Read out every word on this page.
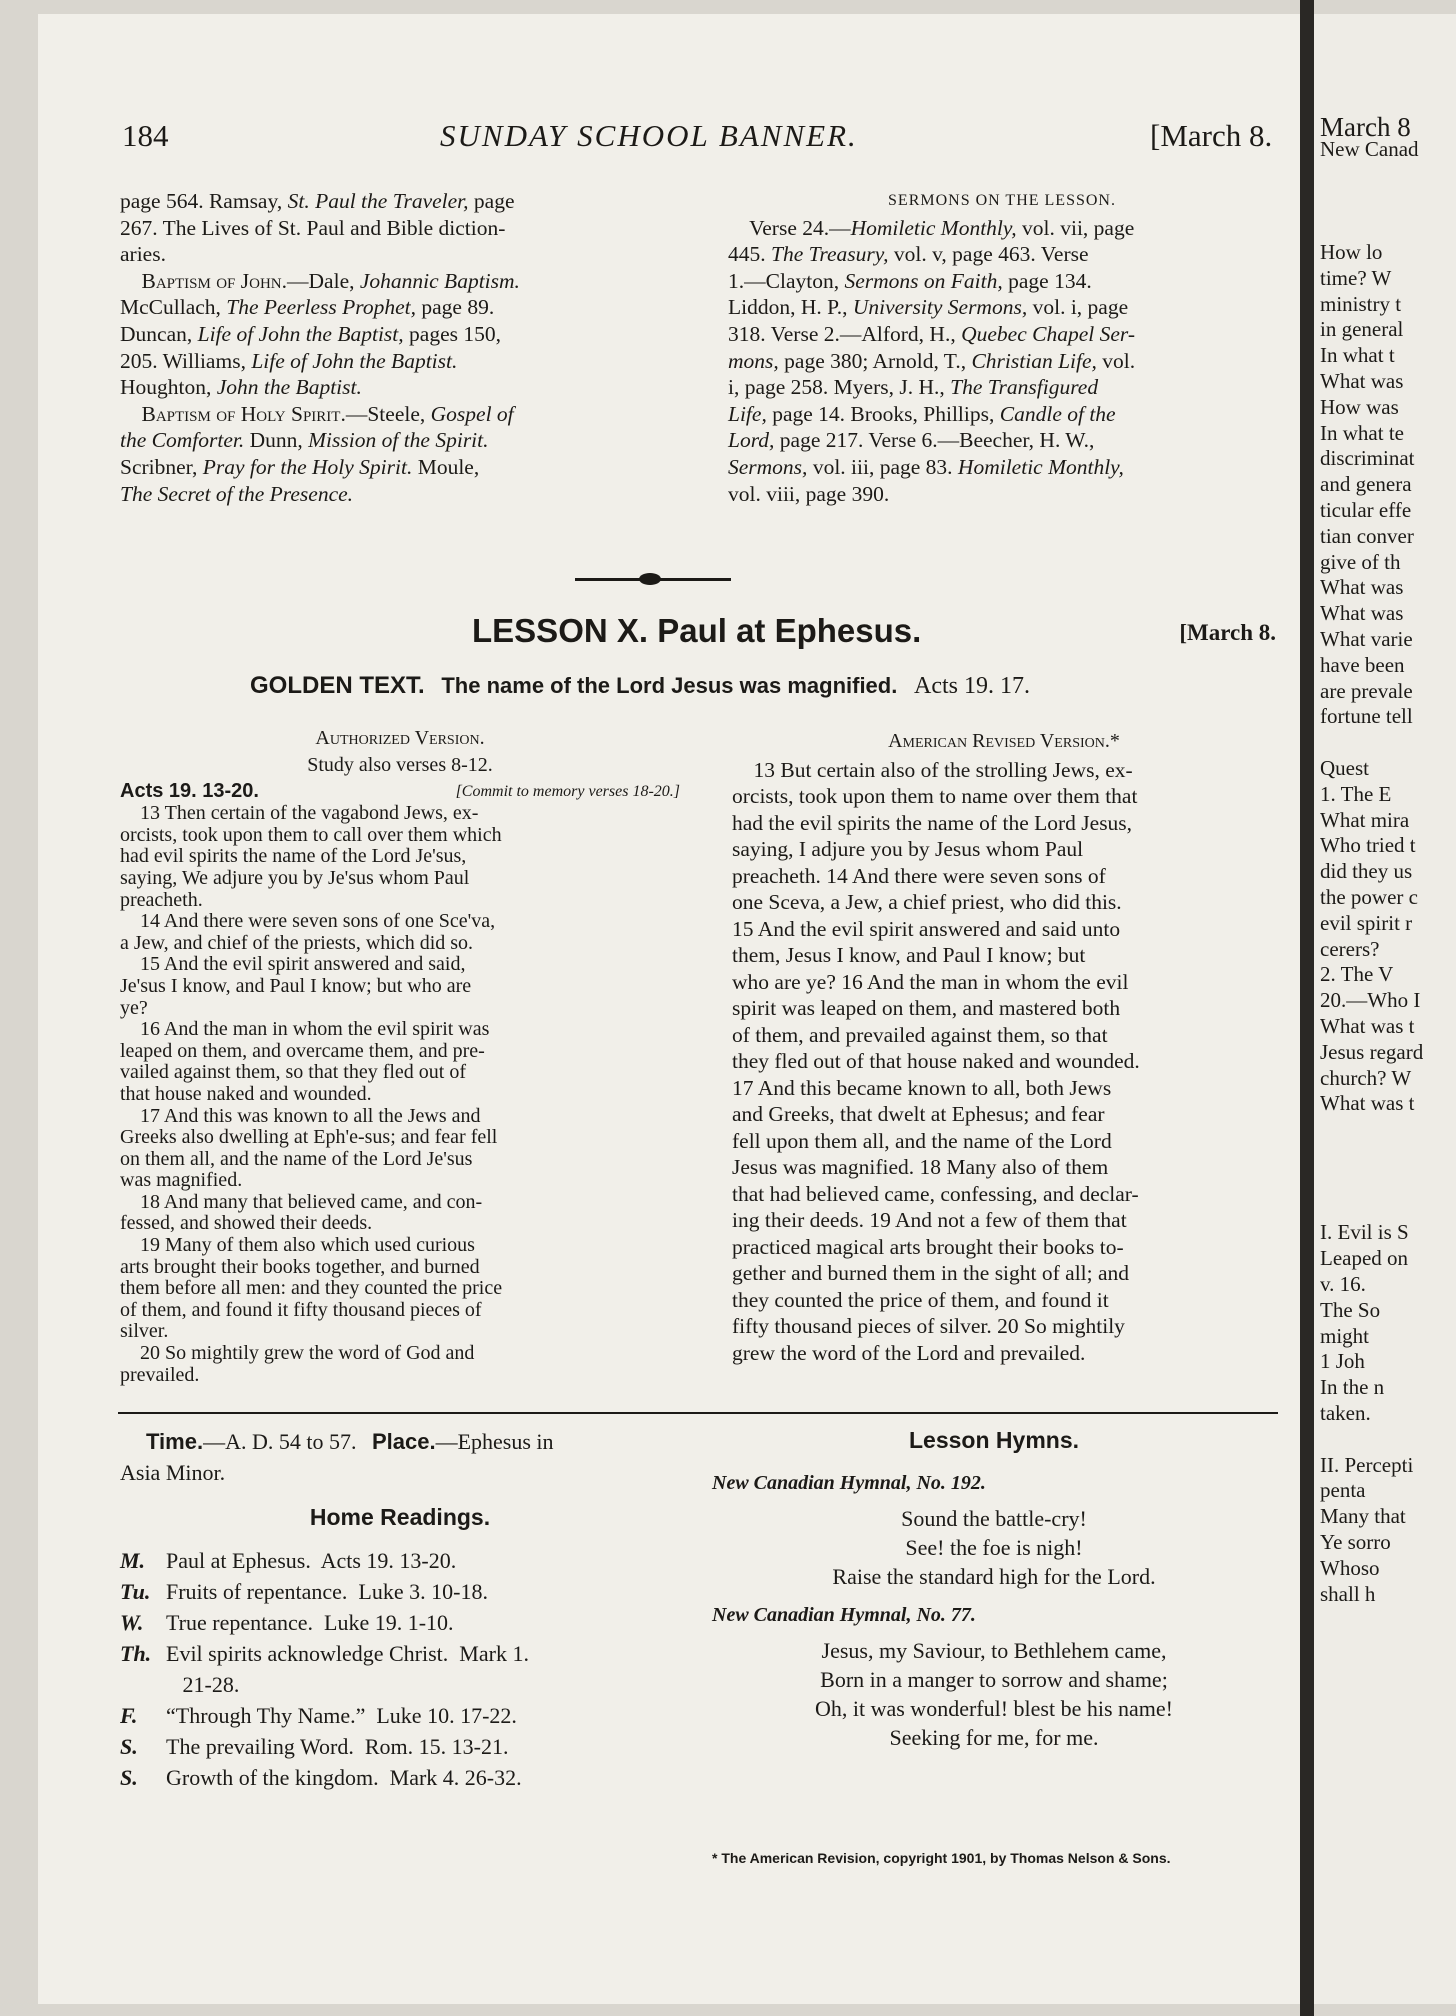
184	SUNDAY SCHOOL BANNER.	[March 8.

page 564. Ramsay, St. Paul the Traveler, page

267. The Lives of St. Paul and Bible diction-

aries.

Baptism of John.—Dale, Johannic Baptism.

McCullach, The Peerless Prophet, page 89.

Duncan, Life of John the Baptist, pages 150,

205. Williams, Life of John the Baptist.

Houghton, John the Baptist.

Baptism of Holy Spirit.—Steele, Gospel of

the Comforter. Dunn, Mission of the Spirit.

Scribner, Pray for the Holy Spirit. Moule,

The Secret of the Presence.

SERMONS ON THE LESSON.

Verse 24.—Homiletic Monthly, vol. vii, page

445. The Treasury, vol. v, page 463. Verse

1.—Clayton, Sermons on Faith, page 134.

Liddon, H. P., University Sermons, vol. i, page

318. Verse 2.—Alford, H., Quebec Chapel Ser-

mons, page 380; Arnold, T., Christian Life, vol.

i, page 258. Myers, J. H., The Transfigured

Life, page 14. Brooks, Phillips, Candle of the

Lord, page 217. Verse 6.—Beecher, H. W.,

Sermons, vol. iii, page 83. Homiletic Monthly,

vol. viii, page 390.

LESSON X. Paul at Ephesus.	[March 8.
GOLDEN TEXT. The name of the Lord Jesus was magnified. Acts 19. 17.
Authorized Version.
Study also verses 8-12.
Acts 19. 13-20.	[Commit to memory verses 18-20.]
13 Then certain of the vagabond Jews, ex-
orcists, took upon them to call over them which
had evil spirits the name of the Lord Je'sus,
saying, We adjure you by Je'sus whom Paul
preacheth.
14 And there were seven sons of one Sce'va,
a Jew, and chief of the priests, which did so.
15 And the evil spirit answered and said,
Je'sus I know, and Paul I know; but who are
ye?
16 And the man in whom the evil spirit was
leaped on them, and overcame them, and pre-
vailed against them, so that they fled out of
that house naked and wounded.
17 And this was known to all the Jews and
Greeks also dwelling at Eph'e-sus; and fear fell
on them all, and the name of the Lord Je'sus
was magnified.
18 And many that believed came, and con-
fessed, and showed their deeds.
19 Many of them also which used curious
arts brought their books together, and burned
them before all men: and they counted the price
of them, and found it fifty thousand pieces of
silver.
20 So mightily grew the word of God and
prevailed.
American Revised Version.*
13 But certain also of the strolling Jews, ex-
orcists, took upon them to name over them that
had the evil spirits the name of the Lord Jesus,
saying, I adjure you by Jesus whom Paul
preacheth. 14 And there were seven sons of
one Sceva, a Jew, a chief priest, who did this.
15 And the evil spirit answered and said unto
them, Jesus I know, and Paul I know; but
who are ye? 16 And the man in whom the evil
spirit was leaped on them, and mastered both
of them, and prevailed against them, so that
they fled out of that house naked and wounded.
17 And this became known to all, both Jews
and Greeks, that dwelt at Ephesus; and fear
fell upon them all, and the name of the Lord
Jesus was magnified. 18 Many also of them
that had believed came, confessing, and declar-
ing their deeds. 19 And not a few of them that
practiced magical arts brought their books to-
gether and burned them in the sight of all; and
they counted the price of them, and found it
fifty thousand pieces of silver. 20 So mightily
grew the word of the Lord and prevailed.
Time.—A. D. 54 to 57. Place.—Ephesus in
Asia Minor.
Home Readings.
M. Paul at Ephesus.  Acts 19. 13-20.
Tu. Fruits of repentance.  Luke 3. 10-18.
W. True repentance.  Luke 19. 1-10.
Th. Evil spirits acknowledge Christ.  Mark 1.
21-28.
F. “Through Thy Name.”  Luke 10. 17-22.
S. The prevailing Word.  Rom. 15. 13-21.
S. Growth of the kingdom.  Mark 4. 26-32.
Lesson Hymns.
New Canadian Hymnal, No. 192.
Sound the battle-cry!
See! the foe is nigh!
Raise the standard high for the Lord.
New Canadian Hymnal, No. 77.
Jesus, my Saviour, to Bethlehem came,
Born in a manger to sorrow and shame;
Oh, it was wonderful! blest be his name!
Seeking for me, for me.
* The American Revision, copyright 1901, by Thomas Nelson & Sons.
March 8
New Canad
How lo
time? W
ministry t
in general
In what t
What was
How was
In what te
discriminat
and genera
ticular effe
tian conver
give of th
What was
What was
What varie
have been
are prevale
fortune tell
Quest
1. The E
What mira
Who tried t
did they us
the power c
evil spirit r
cerers?
2. The V
20.—Who I
What was t
Jesus regard
church? W
What was t
I. Evil is S
Leaped on
v. 16.
The So
might
1 Joh
In the n
taken.
II. Percepti
penta
Many that
Ye sorro
Whoso
shall h
